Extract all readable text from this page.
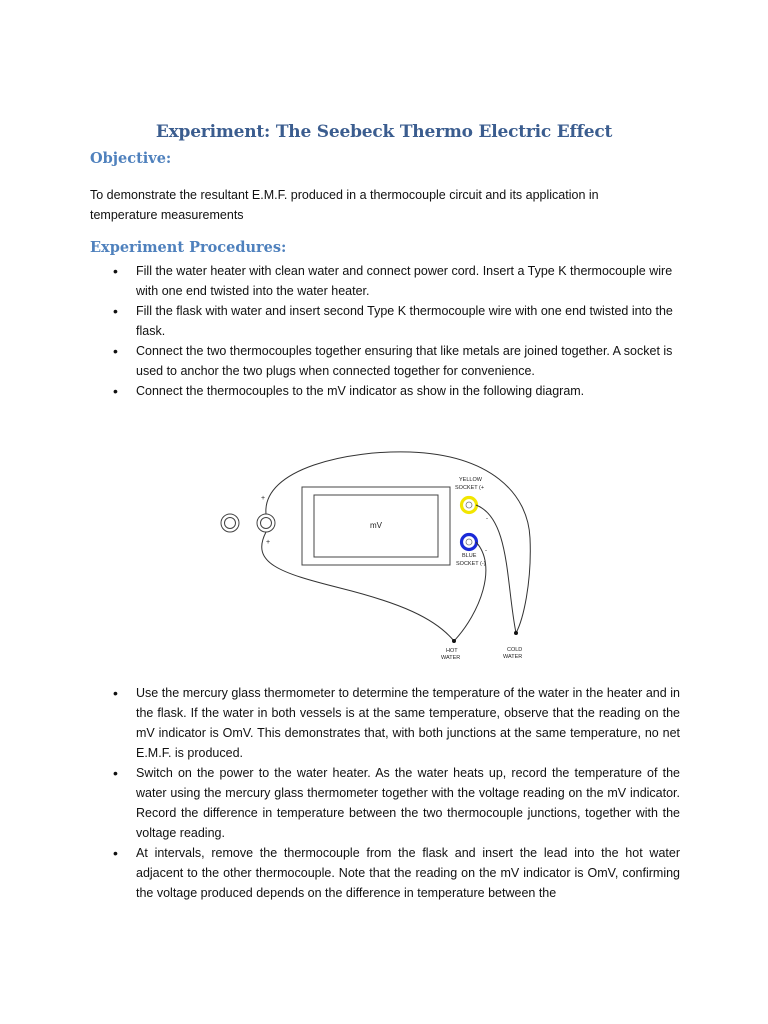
Experiment: The Seebeck Thermo Electric Effect
Objective:
To demonstrate the resultant E.M.F. produced in a thermocouple circuit and its application in temperature measurements
Experiment Procedures:
• Fill the water heater with clean water and connect power cord. Insert a Type K thermocouple wire with one end twisted into the water heater.
• Fill the flask with water and insert second Type K thermocouple wire with one end twisted into the flask.
• Connect the two thermocouples together ensuring that like metals are joined together. A socket is used to anchor the two plugs when connected together for convenience.
• Connect the thermocouples to the mV indicator as show in the following diagram.
+
+
mV
YELLOW
SOCKET (+
BLUE
SOCKET (-)
-
-
HOT
WATER
COLD
WATER
• Use the mercury glass thermometer to determine the temperature of the water in the heater and in the flask. If the water in both vessels is at the same temperature, observe that the reading on the mV indicator is OmV. This demonstrates that, with both junctions at the same temperature, no net E.M.F. is produced.
• Switch on the power to the water heater. As the water heats up, record the temperature of the water using the mercury glass thermometer together with the voltage reading on the mV indicator. Record the difference in temperature between the two thermocouple junctions, together with the voltage reading.
• At intervals, remove the thermocouple from the flask and insert the lead into the hot water adjacent to the other thermocouple. Note that the reading on the mV indicator is OmV, confirming the voltage produced depends on the difference in temperature between the
